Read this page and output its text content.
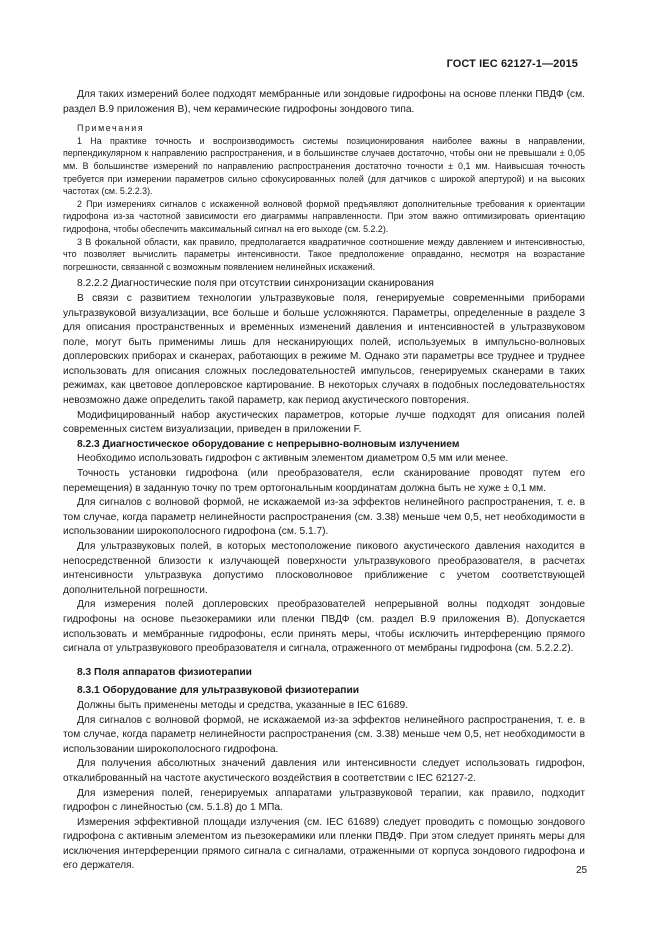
ГОСТ IEC 62127-1—2015

Для таких измерений более подходят мембранные или зондовые гидрофоны на основе пленки ПВДФ (см. раздел В.9 приложения В), чем керамические гидрофоны зондового типа.

Примечания

1 На практике точность и воспроизводимость системы позиционирования наиболее важны в направлении, перпендикулярном к направлению распространения, и в большинстве случаев достаточно, чтобы они не превышали ± 0,05 мм. В большинстве измерений по направлению распространения достаточно точности ± 0,1 мм. Наивысшая точность требуется при измерении параметров сильно сфокусированных полей (для датчиков с широкой апертурой) и на высоких частотах (см. 5.2.2.3).

2 При измерениях сигналов с искаженной волновой формой предъявляют дополнительные требования к ориентации гидрофона из-за частотной зависимости его диаграммы направленности. При этом важно оптимизировать ориентацию гидрофона, чтобы обеспечить максимальный сигнал на его выходе (см. 5.2.2).

3 В фокальной области, как правило, предполагается квадратичное соотношение между давлением и интенсивностью, что позволяет вычислить параметры интенсивности. Такое предположение оправданно, несмотря на возрастание погрешности, связанной с возможным появлением нелинейных искажений.

8.2.2.2 Диагностические поля при отсутствии синхронизации сканирования

В связи с развитием технологии ультразвуковые поля, генерируемые современными приборами ультразвуковой визуализации, все больше и больше усложняются. Параметры, определенные в разделе 3 для описания пространственных и временных изменений давления и интенсивностей в ультразвуковом поле, могут быть применимы лишь для несканирующих полей, используемых в импульсно-волновых доплеровских приборах и сканерах, работающих в режиме М. Однако эти параметры все труднее и труднее использовать для описания сложных последовательностей импульсов, генерируемых сканерами в таких режимах, как цветовое доплеровское картирование. В некоторых случаях в подобных последовательностях невозможно даже определить такой параметр, как период акустического повторения.

Модифицированный набор акустических параметров, которые лучше подходят для описания полей современных систем визуализации, приведен в приложении F.

8.2.3 Диагностическое оборудование с непрерывно-волновым излучением

Необходимо использовать гидрофон с активным элементом диаметром 0,5 мм или менее.

Точность установки гидрофона (или преобразователя, если сканирование проводят путем его перемещения) в заданную точку по трем ортогональным координатам должна быть не хуже ± 0,1 мм.

Для сигналов с волновой формой, не искажаемой из-за эффектов нелинейного распространения, т. е. в том случае, когда параметр нелинейности распространения (см. 3.38) меньше чем 0,5, нет необходимости в использовании широкополосного гидрофона (см. 5.1.7).

Для ультразвуковых полей, в которых местоположение пикового акустического давления находится в непосредственной близости к излучающей поверхности ультразвукового преобразователя, в расчетах интенсивности ультразвука допустимо плосковолновое приближение с учетом соответствующей дополнительной погрешности.

Для измерения полей доплеровских преобразователей непрерывной волны подходят зондовые гидрофоны на основе пьезокерамики или пленки ПВДФ (см. раздел В.9 приложения В). Допускается использовать и мембранные гидрофоны, если принять меры, чтобы исключить интерференцию прямого сигнала от ультразвукового преобразователя и сигнала, отраженного от мембраны гидрофона (см. 5.2.2.2).

8.3 Поля аппаратов физиотерапии

8.3.1 Оборудование для ультразвуковой физиотерапии

Должны быть применены методы и средства, указанные в IEC 61689.

Для сигналов с волновой формой, не искажаемой из-за эффектов нелинейного распространения, т. е. в том случае, когда параметр нелинейности распространения (см. 3.38) меньше чем 0,5, нет необходимости в использовании широкополосного гидрофона.

Для получения абсолютных значений давления или интенсивности следует использовать гидрофон, откалиброванный на частоте акустического воздействия в соответствии с IEC 62127-2.

Для измерения полей, генерируемых аппаратами ультразвуковой терапии, как правило, подходит гидрофон с линейностью (см. 5.1.8) до 1 МПа.

Измерения эффективной площади излучения (см. IEC 61689) следует проводить с помощью зондового гидрофона с активным элементом из пьезокерамики или пленки ПВДФ. При этом следует принять меры для исключения интерференции прямого сигнала с сигналами, отраженными от корпуса зондового гидрофона и его держателя.	25
